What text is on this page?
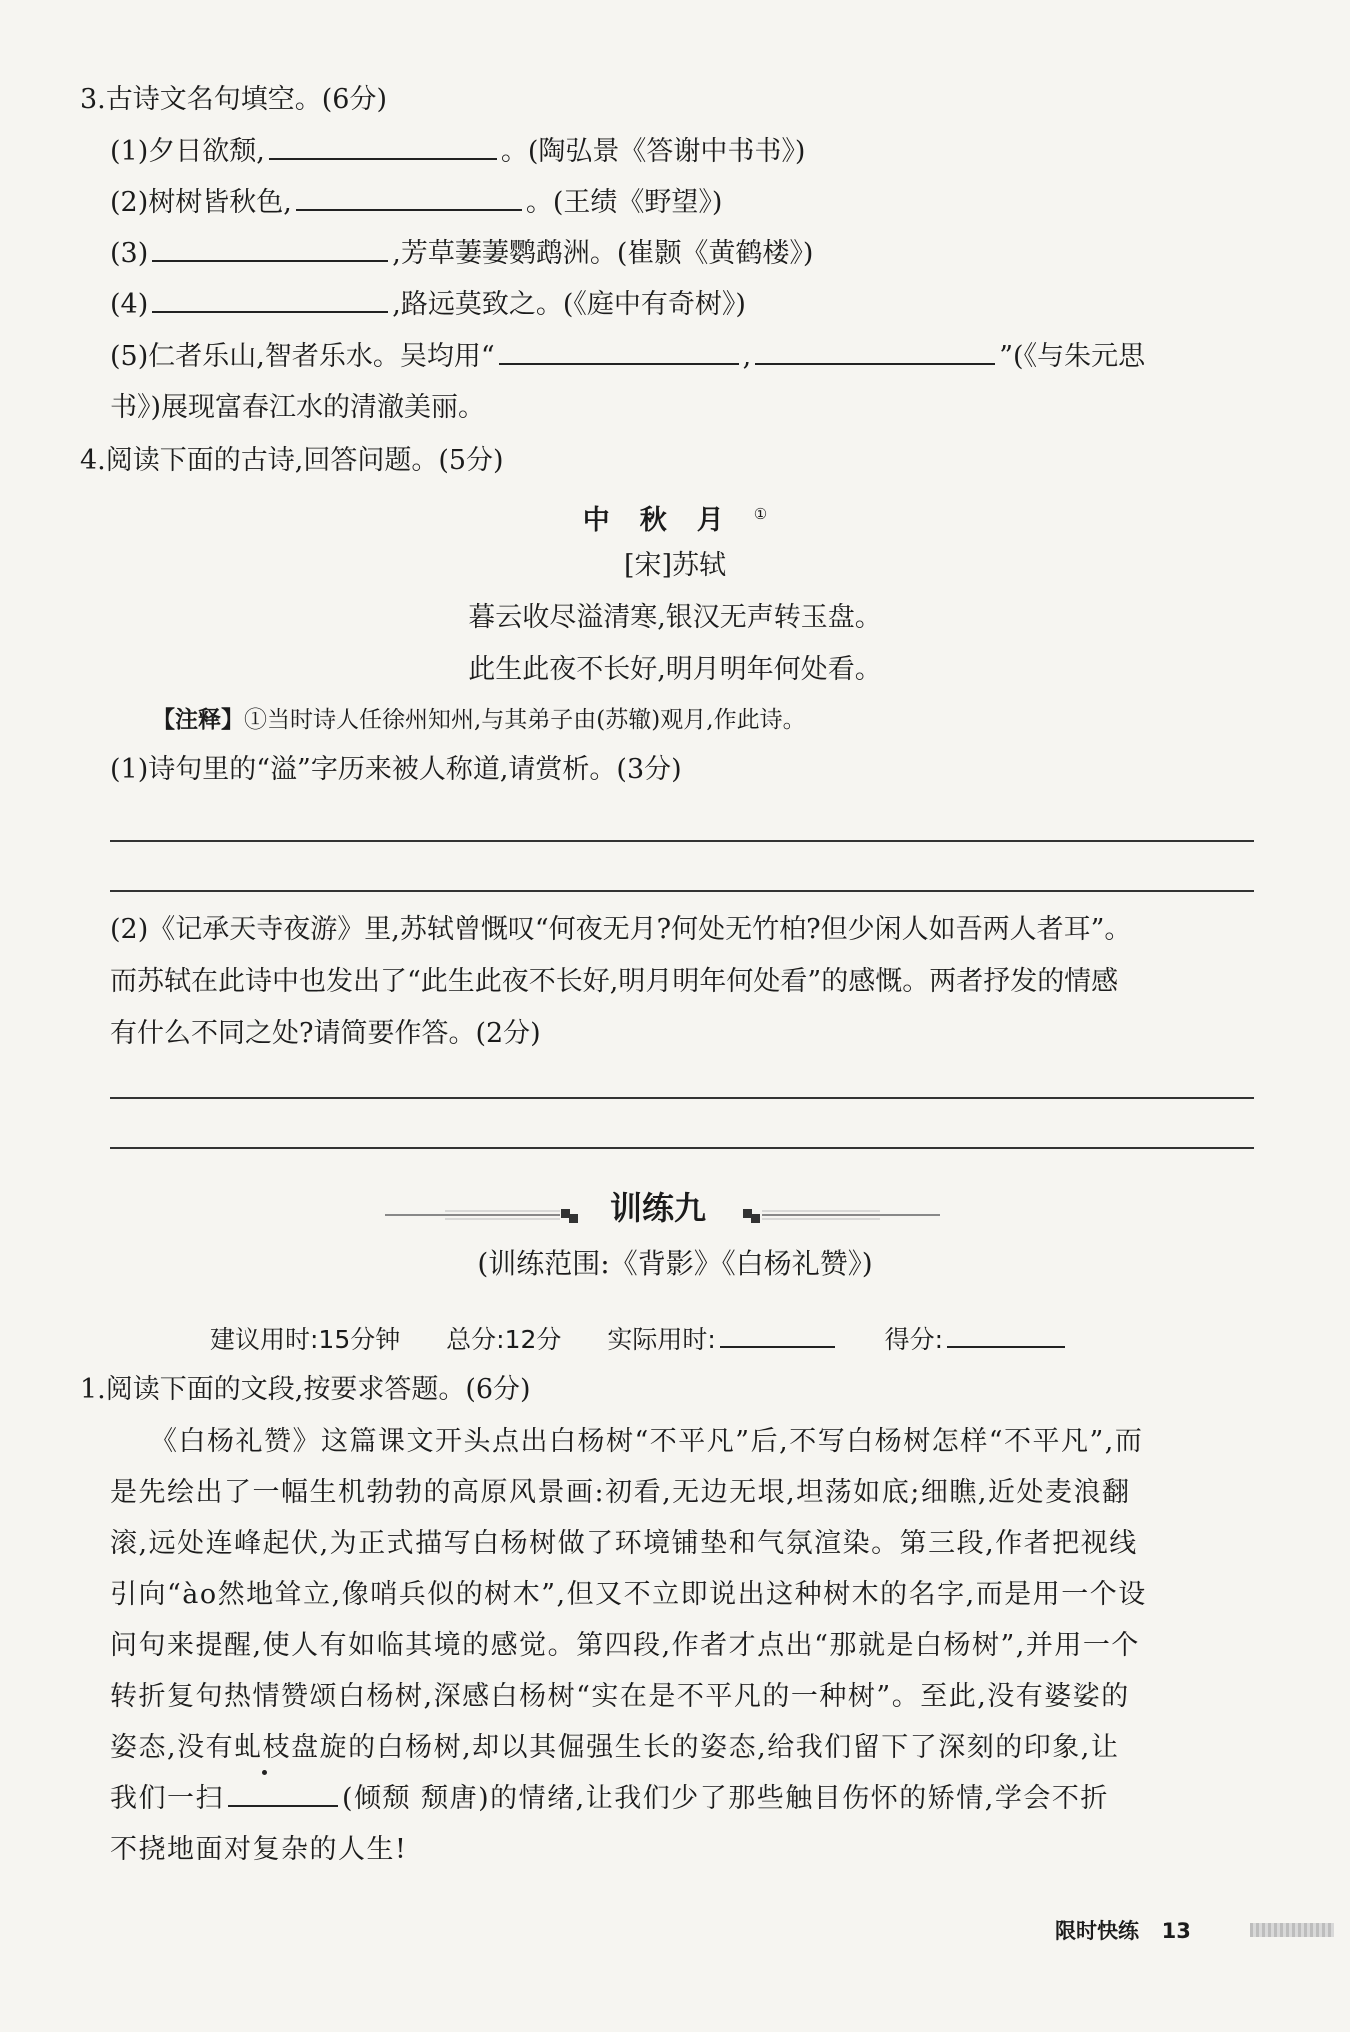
3.古诗文名句填空。(6分)
(1)夕日欲颓,	。(陶弘景《答谢中书书》)
(2)树树皆秋色,	。(王绩《野望》)
(3)	,芳草萋萋鹦鹉洲。(崔颢《黄鹤楼》)
(4)	,路远莫致之。(《庭中有奇树》)
(5)仁者乐山,智者乐水。吴均用“	,	”(《与朱元思
书》)展现富春江水的清澈美丽。
4.阅读下面的古诗,回答问题。(5分)
中秋月①
[宋]苏轼
暮云收尽溢清寒,银汉无声转玉盘。
此生此夜不长好,明月明年何处看。
【注释】①当时诗人任徐州知州,与其弟子由(苏辙)观月,作此诗。
(1)诗句里的“溢”字历来被人称道,请赏析。(3分)
(2)《记承天寺夜游》里,苏轼曾慨叹“何夜无月?何处无竹柏?但少闲人如吾两人者耳”。
而苏轼在此诗中也发出了“此生此夜不长好,明月明年何处看”的感慨。两者抒发的情感
有什么不同之处?请简要作答。(2分)
训练九
(训练范围:《背影》《白杨礼赞》)
建议用时:15分钟 总分:12分 实际用时:	得分:
1.阅读下面的文段,按要求答题。(6分)
《白杨礼赞》这篇课文开头点出白杨树“不平凡”后,不写白杨树怎样“不平凡”,而
是先绘出了一幅生机勃勃的高原风景画:初看,无边无垠,坦荡如底;细瞧,近处麦浪翻
滚,远处连峰起伏,为正式描写白杨树做了环境铺垫和气氛渲染。第三段,作者把视线
引向“ào然地耸立,像哨兵似的树木”,但又不立即说出这种树木的名字,而是用一个设
问句来提醒,使人有如临其境的感觉。第四段,作者才点出“那就是白杨树”,并用一个
转折复句热情赞颂白杨树,深感白杨树“实在是不平凡的一种树”。至此,没有婆娑的
姿态,没有虬枝盘旋的白杨树,却以其倔强生长的姿态,给我们留下了深刻的印象,让
我们一扫	(倾颓 颓唐)的情绪,让我们少了那些触目伤怀的矫情,学会不折
不挠地面对复杂的人生!
限时快练 13
